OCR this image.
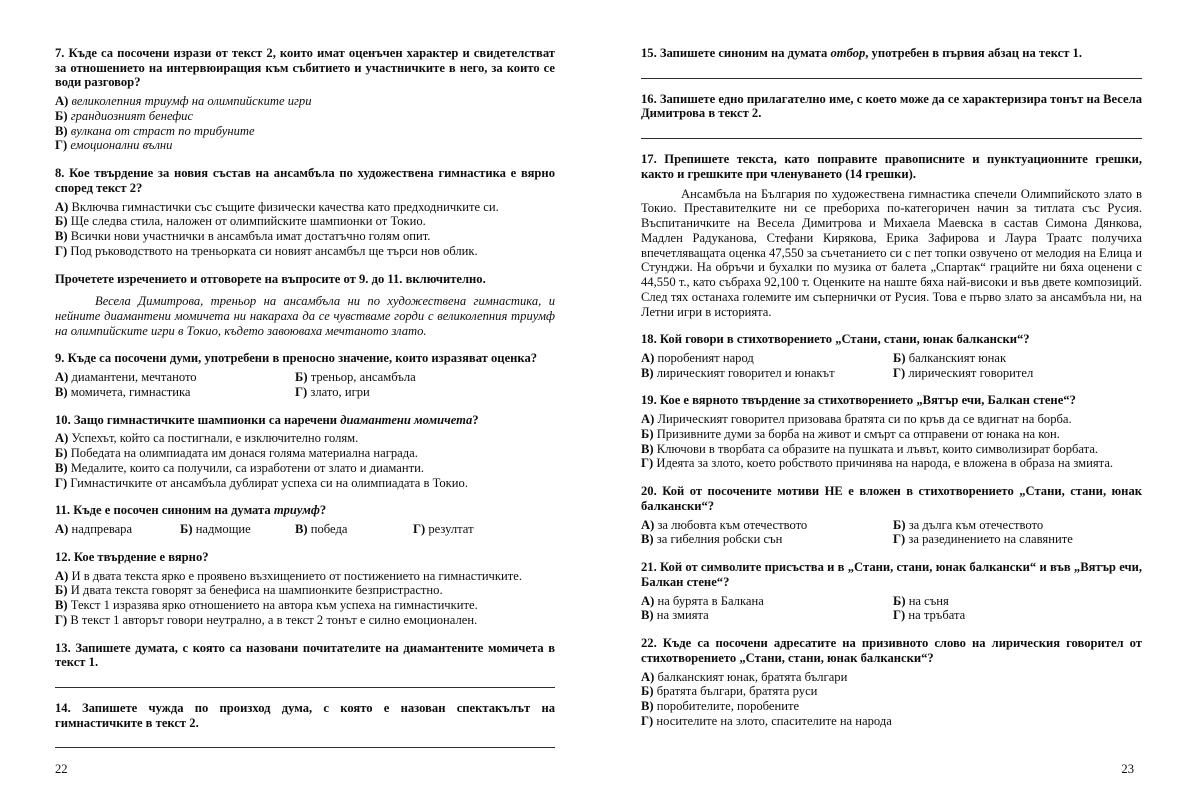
7. Къде са посочени изрази от текст 2, които имат оценъчен характер и свидетелстват за отношението на интервюиращия към събитието и участничките в него, за които се води разговор?

А) великолепния триумф на олимпийските игри

Б) грандиозният бенефис

В) вулкана от страст по трибуните

Г) емоционални вълни

8. Кое твърдение за новия състав на ансамбъла по художествена гимнастика е вярно според текст 2?

А) Включва гимнастички със същите физически качества като предходничките си.

Б) Ще следва стила, наложен от олимпийските шампионки от Токио.

В) Всички нови участнички в ансамбъла имат достатъчно голям опит.

Г) Под ръководството на треньорката си новият ансамбъл ще търси нов облик.

Прочетете изречението и отговорете на въпросите от 9. до 11. включително.

Весела Димитрова, треньор на ансамбъла ни по художествена гимнастика, и нейните диамантени момичета ни накараха да се чувстваме горди с великолепния триумф на олимпийските игри в Токио, където завоюваха мечтаното злато.

9. Къде са посочени думи, употребени в преносно значение, които изразяват оценка?

А) диамантени, мечтаното	Б) треньор, ансамбъла

В) момичета, гимнастика	Г) злато, игри

10. Защо гимнастичките шампионки са наречени диамантени момичета?

А) Успехът, който са постигнали, е изключително голям.

Б) Победата на олимпиадата им донася голяма материална награда.

В) Медалите, които са получили, са изработени от злато и диаманти.

Г) Гимнастичките от ансамбъла дублират успеха си на олимпиадата в Токио.

11. Къде е посочен синоним на думата триумф?

А) надпревара	Б) надмощие	В) победа	Г) резултат

12. Кое твърдение е вярно?

А) И в двата текста ярко е проявено възхищението от постижението на гимнастичките.

Б) И двата текста говорят за бенефиса на шампионките безпристрастно.

В) Текст 1 изразява ярко отношението на автора към успеха на гимнастичките.

Г) В текст 1 авторът говори неутрално, а в текст 2 тонът е силно емоционален.

13. Запишете думата, с която са назовани почитателите на диамантените момичета в текст 1.

14. Запишете чужда по произход дума, с която е назован спектакълът на гимнастичките в текст 2.

15. Запишете синоним на думата отбор, употребен в първия абзац на текст 1.

16. Запишете едно прилагателно име, с което може да се характеризира тонът на Весела Димитрова в текст 2.

17. Препишете текста, като поправите правописните и пунктуационните грешки, както и грешките при членуването (14 грешки).

Ансамбъла на България по художествена гимнастика спечели Олимпийското злато в Токио. Преставителките ни се пребориха по-категоричен начин за титлата със Русия. Въспитаничките на Весела Димитрова и Михаела Маевска в састав Симона Дянкова, Мадлен Радуканова, Стефани Кирякова, Ерика Зафирова и Лаура Траатс получиха впечетляващата оценка 47,550 за съчетанието си с пет топки озвучено от мелодия на Елица и Стунджи. На обръчи и бухалки по музика от балета „Спартак“ грацийте ни бяха оценени с 44,550 т., като събраха 92,100 т. Оценките на наште бяха най-високи и във двете композиций. След тях останаха големите им съпернички от Русия. Това е първо злато за ансамбъла ни, на Летни игри в историята.

18. Кой говори в стихотворението „Стани, стани, юнак балкански“?

А) поробеният народ	Б) балканският юнак

В) лирическият говорител и юнакът	Г) лирическият говорител

19. Кое е вярното твърдение за стихотворението „Вятър ечи, Балкан стене“?

А) Лирическият говорител призовава братята си по кръв да се вдигнат на борба.

Б) Призивните думи за борба на живот и смърт са отправени от юнака на кон.

В) Ключови в творбата са образите на пушката и лъвът, които символизират борбата.

Г) Идеята за злото, което робството причинява на народа, е вложена в образа на змията.

20. Кой от посочените мотиви НЕ е вложен в стихотворението „Стани, стани, юнак балкански“?

А) за любовта към отечеството	Б) за дълга към отечеството

В) за гибелния робски сън	Г) за разединението на славяните

21. Кой от символите присъства и в „Стани, стани, юнак балкански“ и във „Вятър ечи, Балкан стене“?

А) на бурята в Балкана	Б) на съня

В) на змията	Г) на тръбата

22. Къде са посочени адресатите на призивното слово на лирическия говорител от стихотворението „Стани, стани, юнак балкански“?

А) балканският юнак, братята българи

Б) братята българи, братята руси

В) поробителите, поробените

Г) носителите на злото, спасителите на народа

22	23
